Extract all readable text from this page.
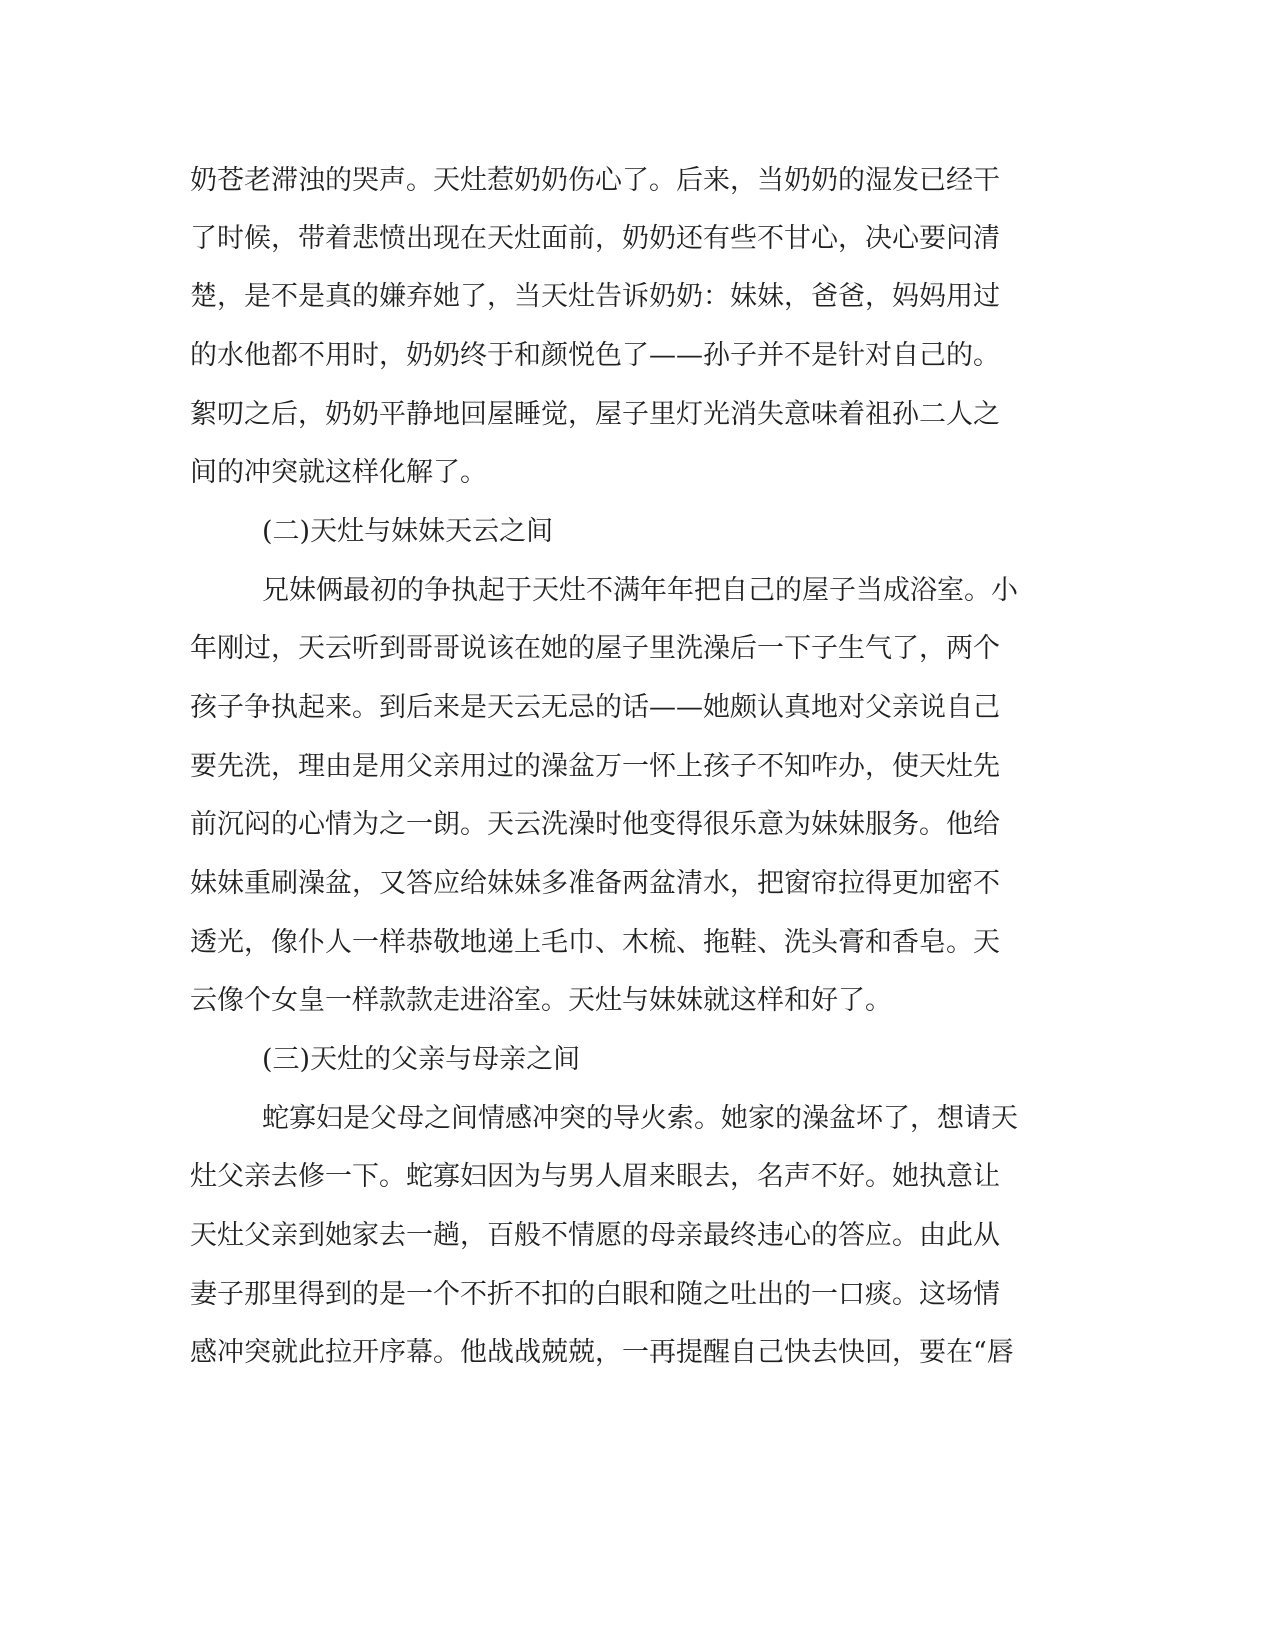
奶苍老滞浊的哭声。天灶惹奶奶伤心了。后来，当奶奶的湿发已经干

了时候，带着悲愤出现在天灶面前，奶奶还有些不甘心，决心要问清

楚，是不是真的嫌弃她了，当天灶告诉奶奶：妹妹，爸爸，妈妈用过

的水他都不用时，奶奶终于和颜悦色了——孙子并不是针对自己的。

絮叨之后，奶奶平静地回屋睡觉，屋子里灯光消失意味着祖孙二人之

间的冲突就这样化解了。

(二)天灶与妹妹天云之间

兄妹俩最初的争执起于天灶不满年年把自己的屋子当成浴室。小

年刚过，天云听到哥哥说该在她的屋子里洗澡后一下子生气了，两个

孩子争执起来。到后来是天云无忌的话——她颇认真地对父亲说自己

要先洗，理由是用父亲用过的澡盆万一怀上孩子不知咋办，使天灶先

前沉闷的心情为之一朗。天云洗澡时他变得很乐意为妹妹服务。他给

妹妹重刷澡盆，又答应给妹妹多准备两盆清水，把窗帘拉得更加密不

透光，像仆人一样恭敬地递上毛巾、木梳、拖鞋、洗头膏和香皂。天

云像个女皇一样款款走进浴室。天灶与妹妹就这样和好了。

(三)天灶的父亲与母亲之间

蛇寡妇是父母之间情感冲突的导火索。她家的澡盆坏了，想请天

灶父亲去修一下。蛇寡妇因为与男人眉来眼去，名声不好。她执意让

天灶父亲到她家去一趟，百般不情愿的母亲最终违心的答应。由此从

妻子那里得到的是一个不折不扣的白眼和随之吐出的一口痰。这场情

感冲突就此拉开序幕。他战战兢兢，一再提醒自己快去快回，要在“唇
